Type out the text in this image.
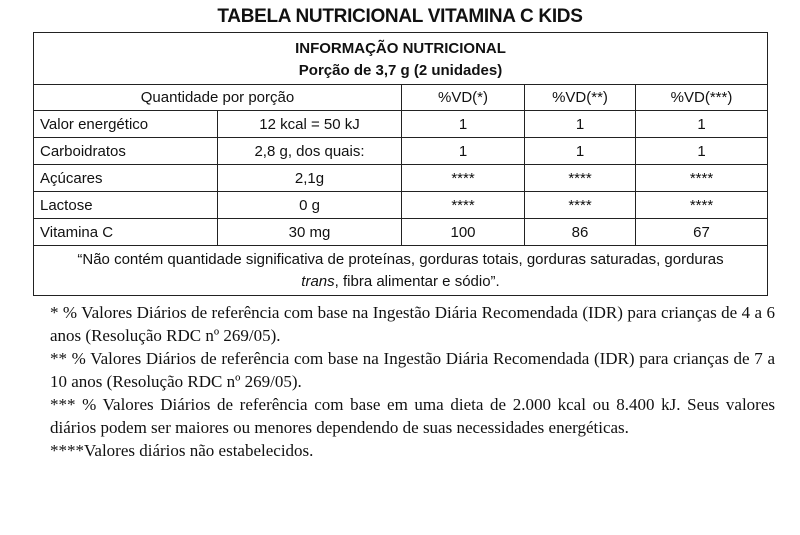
TABELA NUTRICIONAL VITAMINA C KIDS
INFORMAÇÃO NUTRICIONAL
Porção de 3,7 g (2 unidades)				

Quantidade por porção		%VD(*)	%VD(**)	%VD(***)
Valor energético	12 kcal = 50 kJ	1	1	1
Carboidratos	2,8 g, dos quais:	1	1	1
Açúcares	2,1g	****	****	****
Lactose	0 g	****	****	****
Vitamina C	30 mg	100	86	67
“Não contém quantidade significativa de proteínas, gorduras totais, gorduras saturadas, gorduras trans, fibra alimentar e sódio”.				

* % Valores Diários de referência com base na Ingestão Diária Recomendada (IDR) para crianças de 4 a 6 anos (Resolução RDC nº 269/05).

** % Valores Diários de referência com base na Ingestão Diária Recomendada (IDR) para crianças de 7 a 10 anos (Resolução RDC nº 269/05).

*** % Valores Diários de referência com base em uma dieta de 2.000 kcal ou 8.400 kJ. Seus valores diários podem ser maiores ou menores dependendo de suas necessidades energéticas.

****Valores diários não estabelecidos.
